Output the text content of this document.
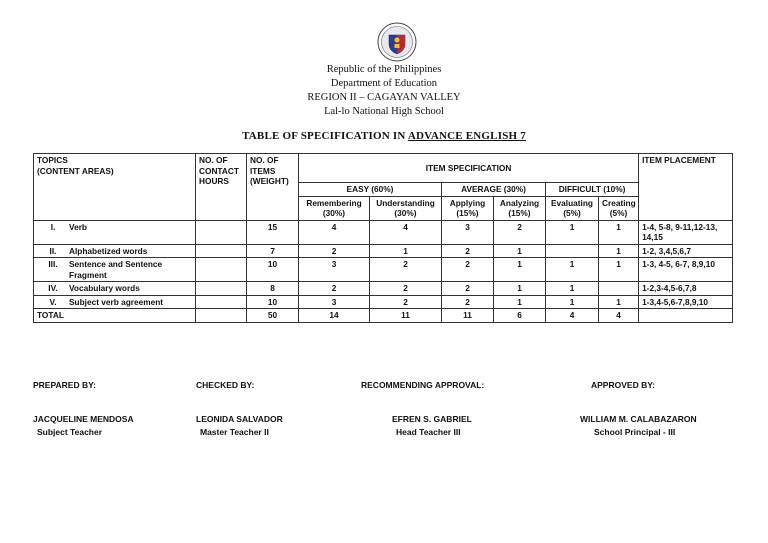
Republic of the Philippines
Department of Education
REGION II – CAGAYAN VALLEY
Lal-lo National High School
TABLE OF SPECIFICATION IN ADVANCE ENGLISH 7
TOPICS
(CONTENT AREAS)	NO. OF CONTACT HOURS	NO. OF ITEMS (WEIGHT)	ITEM SPECIFICATION						ITEM PLACEMENT
			EASY (60%)		AVERAGE (30%)		DIFFICULT (10%)		
			Remembering (30%)	Understanding (30%)	Applying (15%)	Analyzing (15%)	Evaluating (5%)	Creating (5%)	
I. Verb		15	4	4	3	2	1	1	1-4, 5-8, 9-11,12-13, 14,15
II. Alphabetized words		7	2	1	2	1		1	1-2, 3,4,5,6,7
III. Sentence and Sentence Fragment		10	3	2	2	1	1	1	1-3, 4-5, 6-7, 8,9,10
IV. Vocabulary words		8	2	2	2	1	1		1-2,3-4,5-6,7,8
V. Subject verb agreement		10	3	2	2	1	1	1	1-3,4-5,6-7,8,9,10
TOTAL		50	14	11	11	6	4	4	
PREPARED BY:	CHECKED BY:	RECOMMENDING APPROVAL:	APPROVED BY:
JACQUELINE MENDOSA
Subject Teacher
LEONIDA SALVADOR
Master Teacher II
EFREN S. GABRIEL
Head Teacher III
WILLIAM M. CALABAZARON
School Principal - III
